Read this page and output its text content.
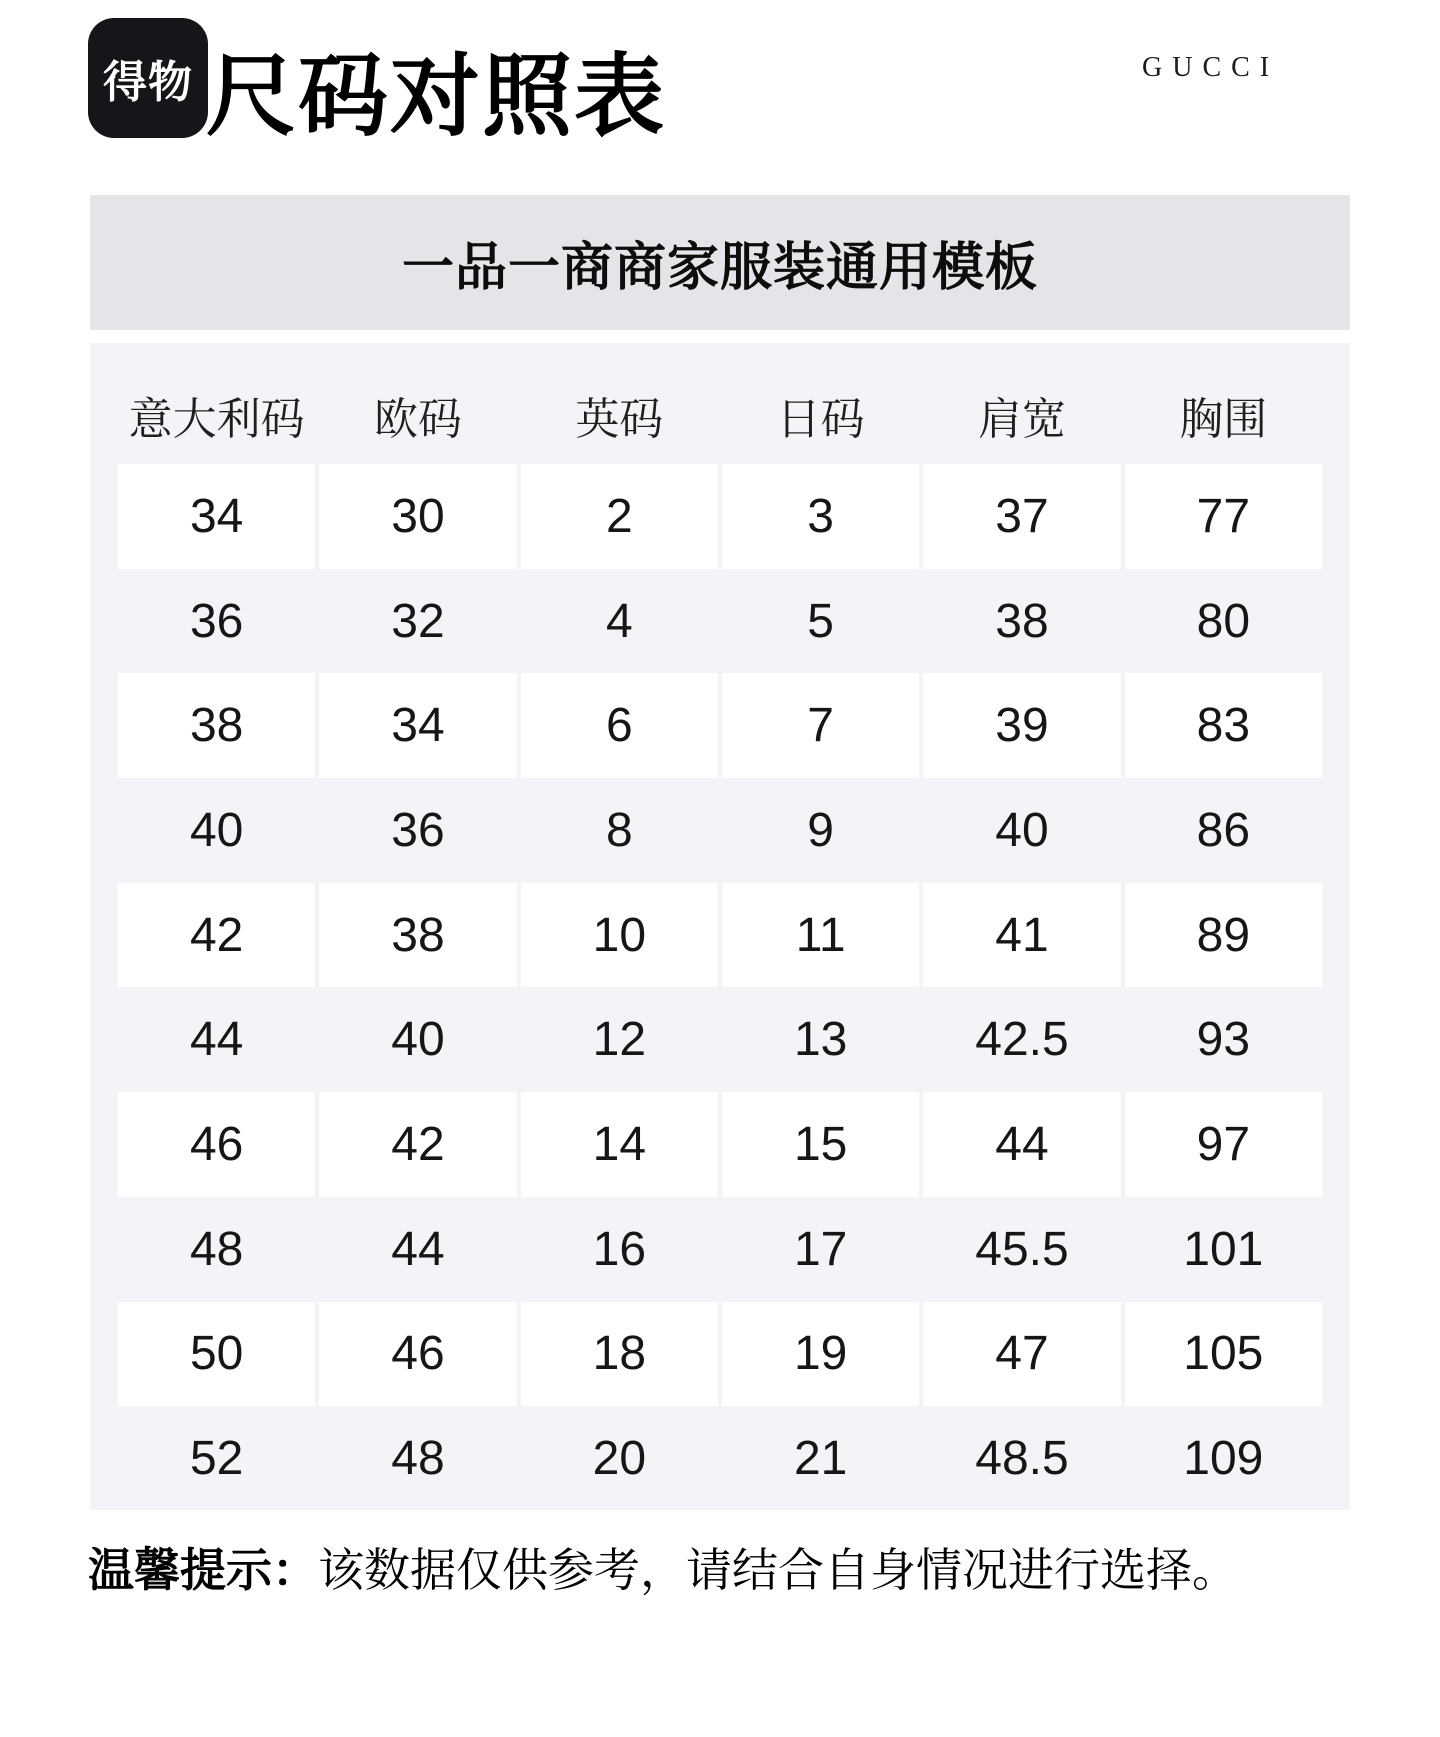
得物 尺码对照表	GUCCI
一品一商商家服装通用模板
意大利码	欧码	英码	日码	肩宽	胸围
34	30	2	3	37	77
36	32	4	5	38	80
38	34	6	7	39	83
40	36	8	9	40	86
42	38	10	11	41	89
44	40	12	13	42.5	93
46	42	14	15	44	97
48	44	16	17	45.5	101
50	46	18	19	47	105
52	48	20	21	48.5	109

温馨提示：该数据仅供参考，请结合自身情况进行选择。
